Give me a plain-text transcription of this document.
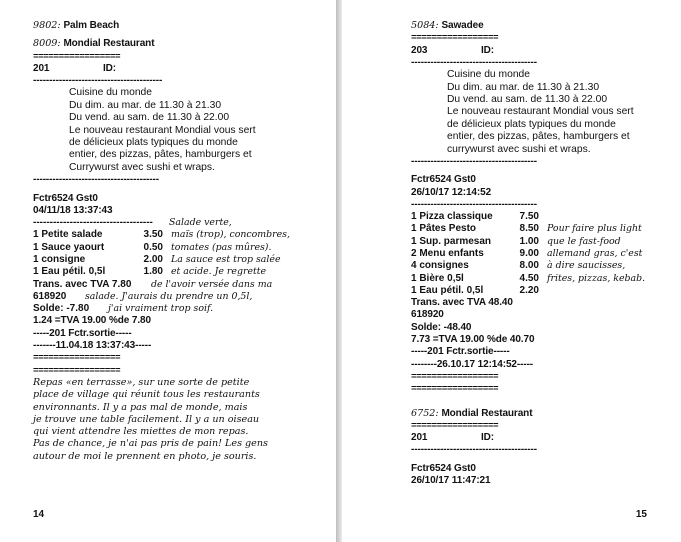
9802:
Palm Beach
8009:
Mondial Restaurant
=================
201                    ID:
----------------------------------------
Cuisine du monde
Du dim. au mar. de 11.30 à 21.30
Du vend. au sam. de 11.30 à 22.00
Le nouveau restaurant Mondial vous sert
de délicieux plats typiques du monde
entier, des pizzas, pâtes, hamburgers et
Currywurst avec sushi et wraps.
---------------------------------------
Fctr6524 Gst0
04/11/18 13:37:43
------------------------------------	Salade verte,
1 Petite salade	3.50 maïs (trop), concombres,
1 Sauce yaourt	0.50 tomates (pas mûres).
1 consigne	2.00 La sauce est trop salée
1 Eau pétil. 0,5l	1.80 et acide. Je regrette
Trans. avec TVA 7.80	de l'avoir versée dans ma
618920	salade. J'aurais du prendre un 0,5l,
Solde: -7.80	j'ai vraiment trop soif.
1.24 =TVA 19.00 %de 7.80
-----201 Fctr.sortie-----
-------11.04.18 13:37:43-----
=================
=================
Repas «en terrasse», sur une sorte de petite
place de village qui réunit tous les restaurants
environnants. Il y a pas mal de monde, mais
je trouve une table facilement. Il y a un oiseau
qui vient attendre les miettes de mon repas.
Pas de chance, je n'ai pas pris de pain! Les gens
autour de moi le prennent en photo, je souris.
14
5084:
Sawadee
=================
203                    ID:
---------------------------------------
Cuisine du monde
Du dim. au mar. de 11.30 à 21.30
Du vend. au sam. de 11.30 à 22.00
Le nouveau restaurant Mondial vous sert
de délicieux plats typiques du monde
entier, des pizzas, pâtes, hamburgers et
currywurst avec sushi et wraps.
---------------------------------------
Fctr6524 Gst0
26/10/17 12:14:52
---------------------------------------
1 Pizza classique	7.50
1 Pâtes Pesto	8.50 Pour faire plus light
1 Sup. parmesan	1.00 que le fast-food
2 Menu enfants	9.00 allemand gras, c'est
4 consignes	8.00 à dire saucisses,
1 Bière 0,5l	4.50 frites, pizzas, kebab.
1 Eau pétil. 0,5l	2.20
Trans. avec TVA 48.40
618920
Solde: -48.40
7.73 =TVA 19.00 %de 40.70
-----201 Fctr.sortie-----
--------26.10.17 12:14:52-----
=================
=================
6752:
Mondial Restaurant
=================
201                    ID:
---------------------------------------
Fctr6524 Gst0
26/10/17 11:47:21
15
